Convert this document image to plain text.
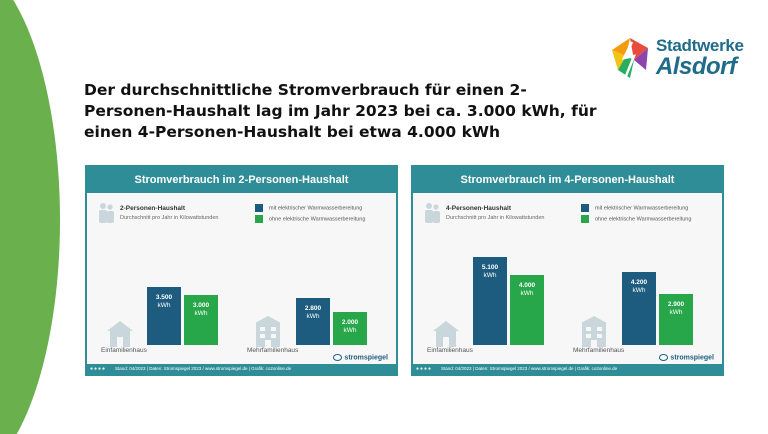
Stadtwerke
Alsdorf
Der durchschnittliche Stromverbrauch für einen 2-Personen-Haushalt lag im Jahr 2023 bei ca. 3.000 kWh, für einen 4-Personen-Haushalt bei etwa 4.000 kWh
Stromverbrauch im 2-Personen-Haushalt
2-Personen-Haushalt
Durchschnitt pro Jahr in Kilowattstunden
mit elektrischer Warmwasserbereitung
ohne elektrische Warmwasserbereitung
3.500
kWh	3.000
kWh
2.800
kWh
2.000
kWh
Einfamilienhaus	Mehrfamilienhaus
stromspiegel
●●●● Stand: 04/2023 | Daten: Stromspiegel 2023 / www.stromspiegel.de | Grafik: co2online.de
Stromverbrauch im 4-Personen-Haushalt
4-Personen-Haushalt
Durchschnitt pro Jahr in Kilowattstunden
mit elektrischer Warmwasserbereitung
ohne elektrische Warmwasserbereitung
5.100
kWh
4.000
kWh
4.200
kWh
2.900
kWh
Einfamilienhaus	Mehrfamilienhaus
stromspiegel
●●●● Stand: 04/2023 | Daten: Stromspiegel 2023 / www.stromspiegel.de | Grafik: co2online.de
